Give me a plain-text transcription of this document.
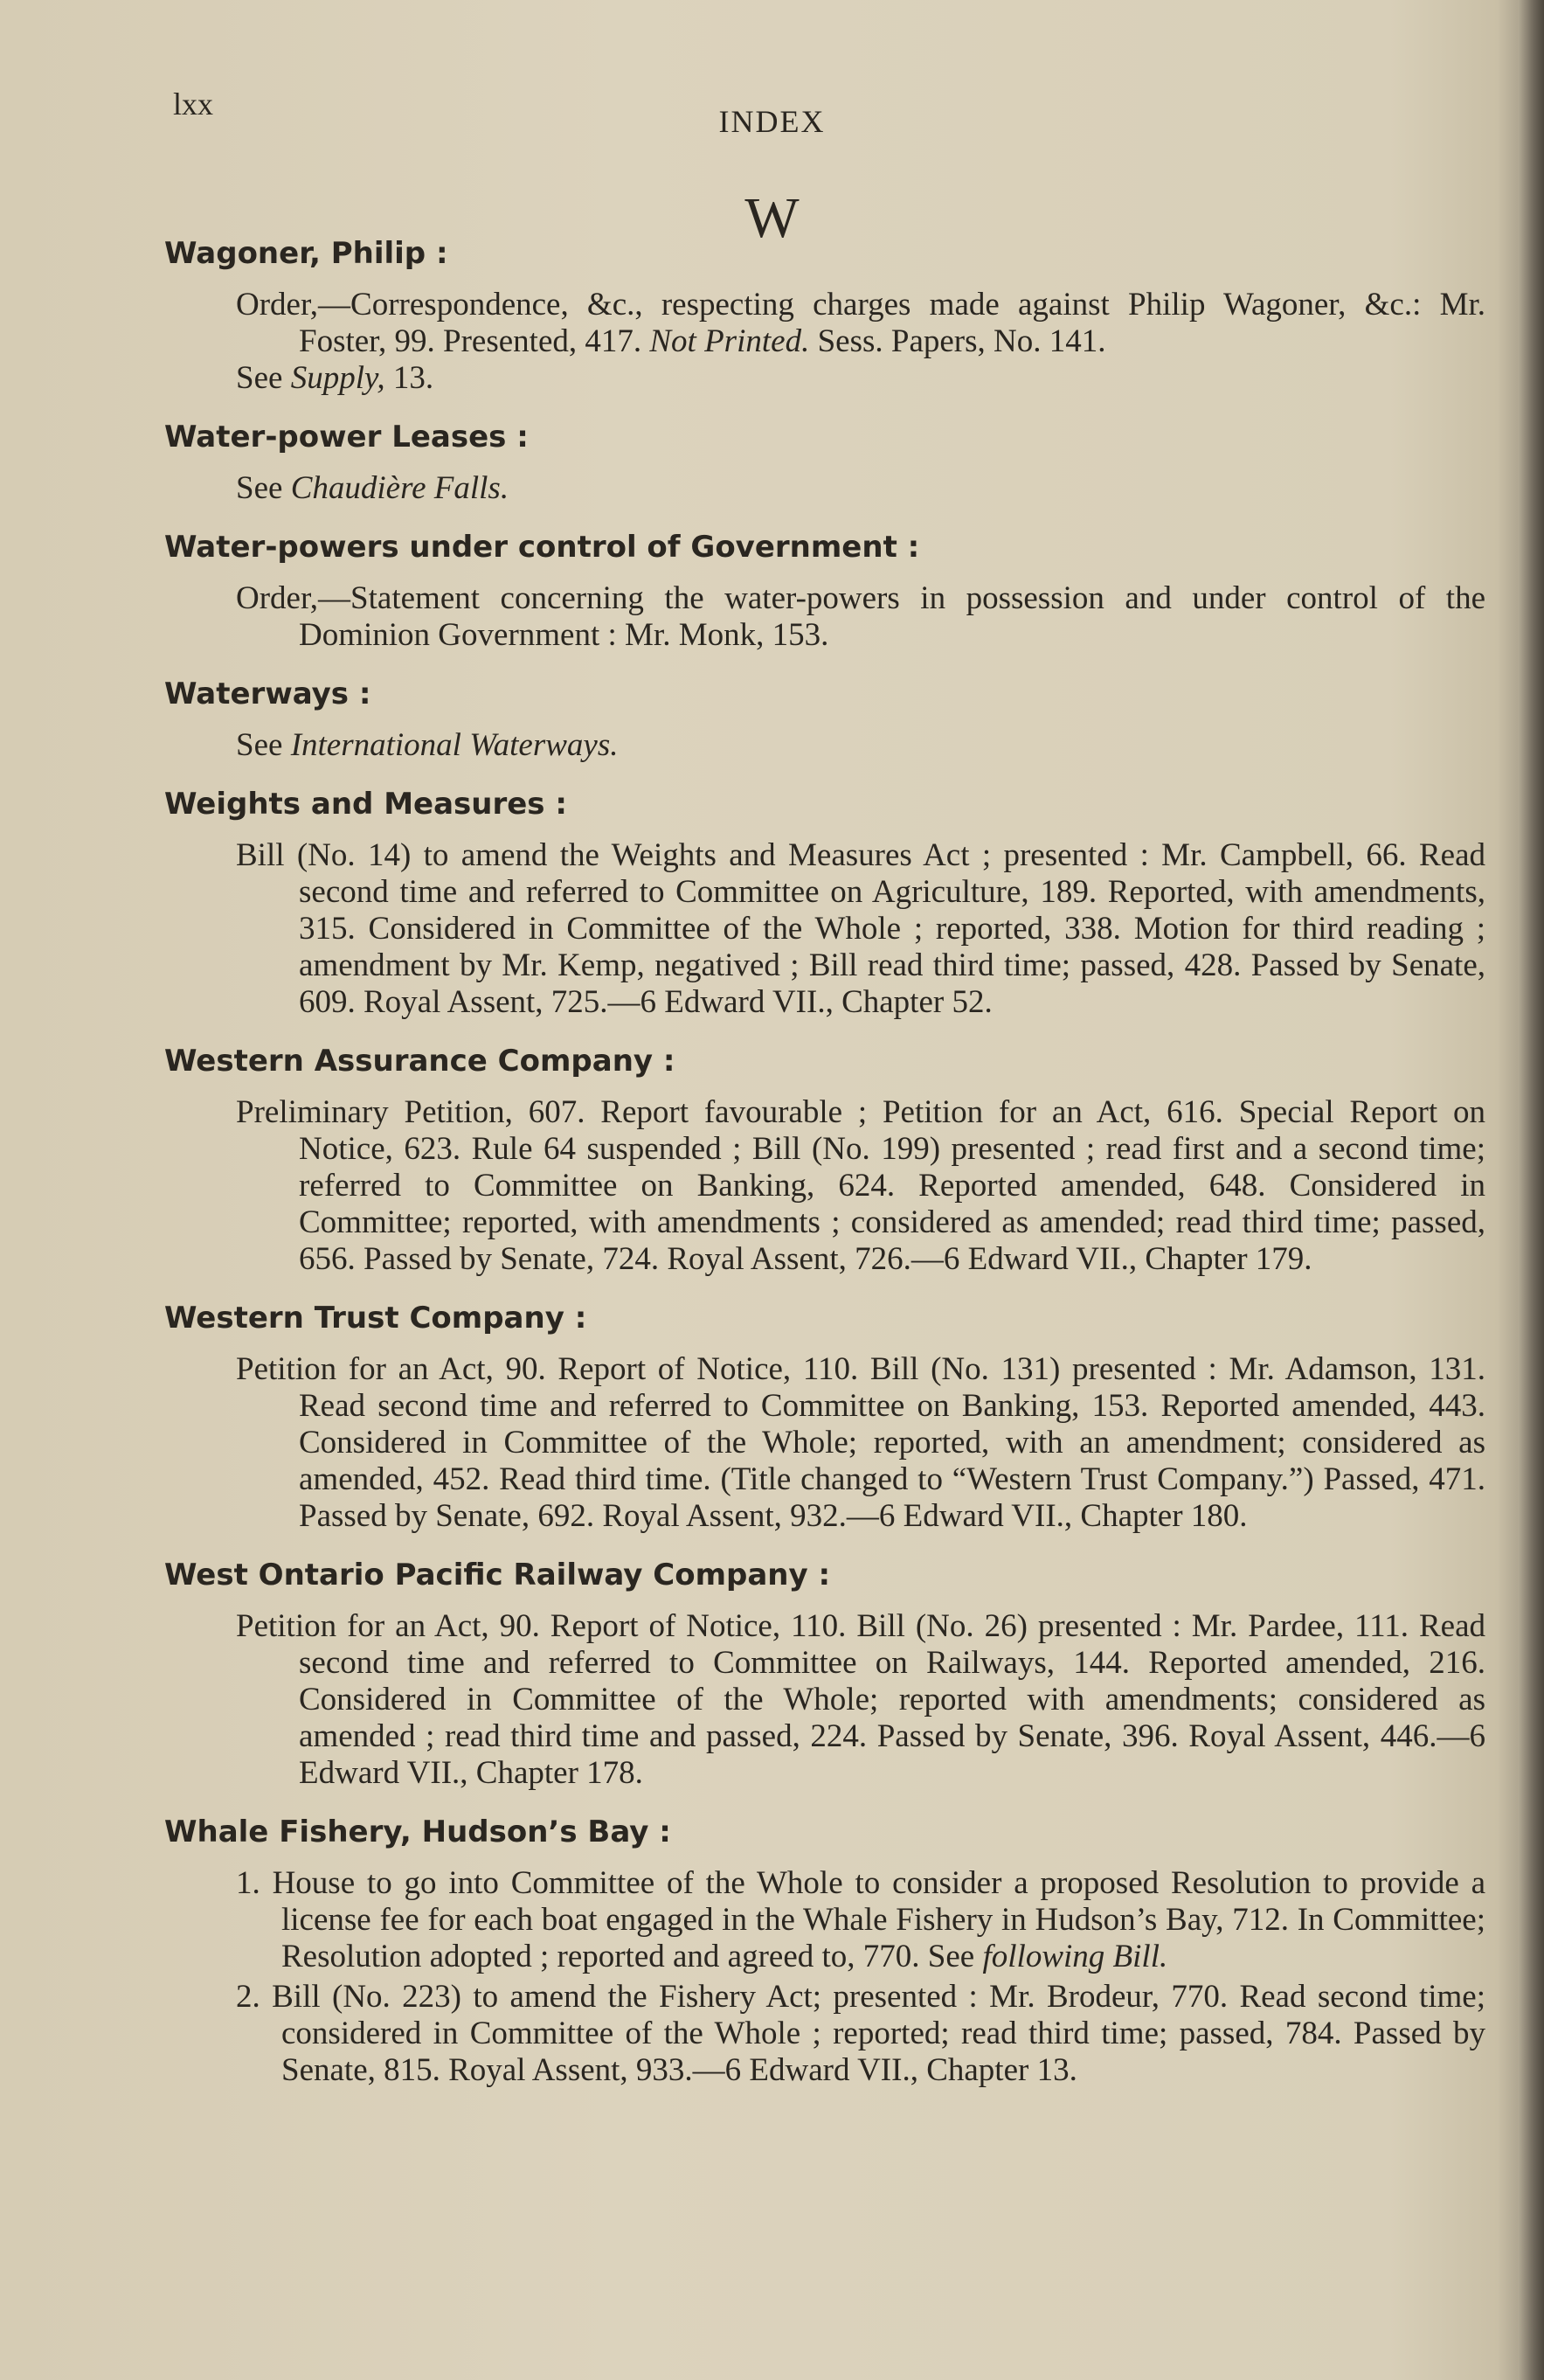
lxx	INDEX
W
Wagoner, Philip :
Order,—Correspondence, &c., respecting charges made against Philip Wagoner, &c.: Mr. Foster, 99. Presented, 417. Not Printed. Sess. Papers, No. 141.
See Supply, 13.
Water-power Leases :
See Chaudière Falls.
Water-powers under control of Government :
Order,—Statement concerning the water-powers in possession and under control of the Dominion Government : Mr. Monk, 153.
Waterways :
See International Waterways.
Weights and Measures :
Bill (No. 14) to amend the Weights and Measures Act ; presented : Mr. Campbell, 66. Read second time and referred to Committee on Agriculture, 189. Reported, with amendments, 315. Considered in Committee of the Whole ; reported, 338. Motion for third reading ; amendment by Mr. Kemp, negatived ; Bill read third time; passed, 428. Passed by Senate, 609. Royal Assent, 725.—6 Edward VII., Chapter 52.
Western Assurance Company :
Preliminary Petition, 607. Report favourable ; Petition for an Act, 616. Special Report on Notice, 623. Rule 64 suspended ; Bill (No. 199) presented ; read first and a second time; referred to Committee on Banking, 624. Reported amended, 648. Considered in Committee; reported, with amendments ; considered as amended; read third time; passed, 656. Passed by Senate, 724. Royal Assent, 726.—6 Edward VII., Chapter 179.
Western Trust Company :
Petition for an Act, 90. Report of Notice, 110. Bill (No. 131) presented : Mr. Adamson, 131. Read second time and referred to Committee on Banking, 153. Reported amended, 443. Considered in Committee of the Whole; reported, with an amendment; considered as amended, 452. Read third time. (Title changed to “Western Trust Company.”) Passed, 471. Passed by Senate, 692. Royal Assent, 932.—6 Edward VII., Chapter 180.
West Ontario Pacific Railway Company :
Petition for an Act, 90. Report of Notice, 110. Bill (No. 26) presented : Mr. Pardee, 111. Read second time and referred to Committee on Railways, 144. Reported amended, 216. Considered in Committee of the Whole; reported with amendments; considered as amended ; read third time and passed, 224. Passed by Senate, 396. Royal Assent, 446.—6 Edward VII., Chapter 178.
Whale Fishery, Hudson’s Bay :
1. House to go into Committee of the Whole to consider a proposed Resolution to provide a license fee for each boat engaged in the Whale Fishery in Hudson’s Bay, 712. In Committee; Resolution adopted ; reported and agreed to, 770. See following Bill.
2. Bill (No. 223) to amend the Fishery Act; presented : Mr. Brodeur, 770. Read second time; considered in Committee of the Whole ; reported; read third time; passed, 784. Passed by Senate, 815. Royal Assent, 933.—6 Edward VII., Chapter 13.
